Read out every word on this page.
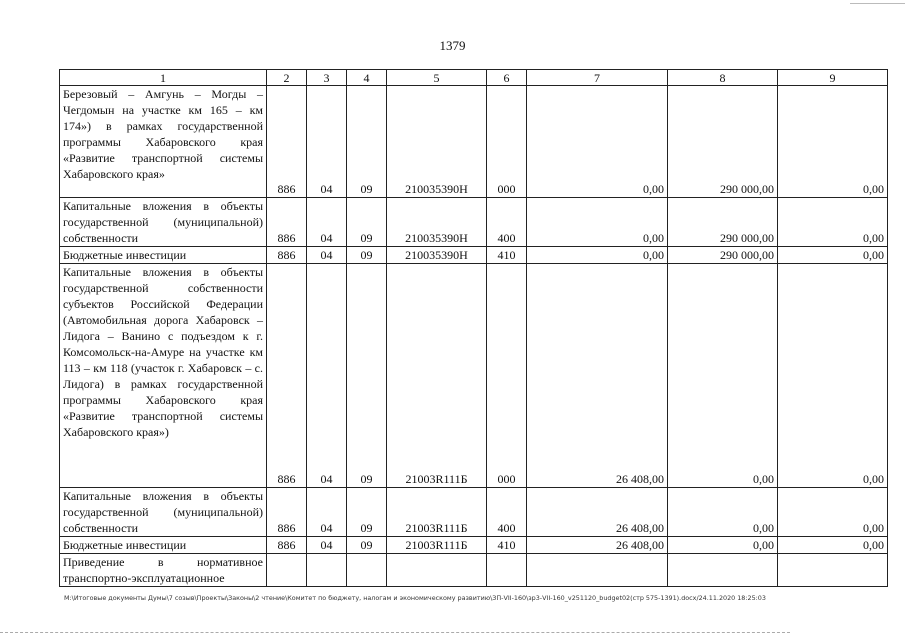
1379
1	2	3	4	5	6	7	8	9
Березовый – Амгунь – Могды – Чегдомын на участке км 165 – км 174») в рамках государственной программы Хабаровского края «Развитие транспортной системы Хабаровского края»	886	04	09	210035390Н	000	0,00	290 000,00	0,00
Капитальные вложения в объекты государственной (муниципальной) собственности	886	04	09	210035390Н	400	0,00	290 000,00	0,00
Бюджетные инвестиции	886	04	09	210035390Н	410	0,00	290 000,00	0,00
Капитальные вложения в объекты государственной собственности субъектов Российской Федерации (Автомобильная дорога Хабаровск – Лидога – Ванино с подъездом к г. Комсомольск-на-Амуре на участке км 113 – км 118 (участок г. Хабаровск – с. Лидога) в рамках государственной программы Хабаровского края «Развитие транспортной системы Хабаровского края»)	886	04	09	21003R111Б	000	26 408,00	0,00	0,00
Капитальные вложения в объекты государственной (муниципальной) собственности	886	04	09	21003R111Б	400	26 408,00	0,00	0,00
Бюджетные инвестиции	886	04	09	21003R111Б	410	26 408,00	0,00	0,00
Приведение в нормативное транспортно-эксплуатационное								
М:\Итоговые документы Думы\7 созыв\Проекты\Законы\2 чтение\Комитет по бюджету, налогам и экономическому развитию\ЗП-VII-160\зр3-VII-160_v251120_budget02(стр 575-1391).docx/24.11.2020 18:25:03
